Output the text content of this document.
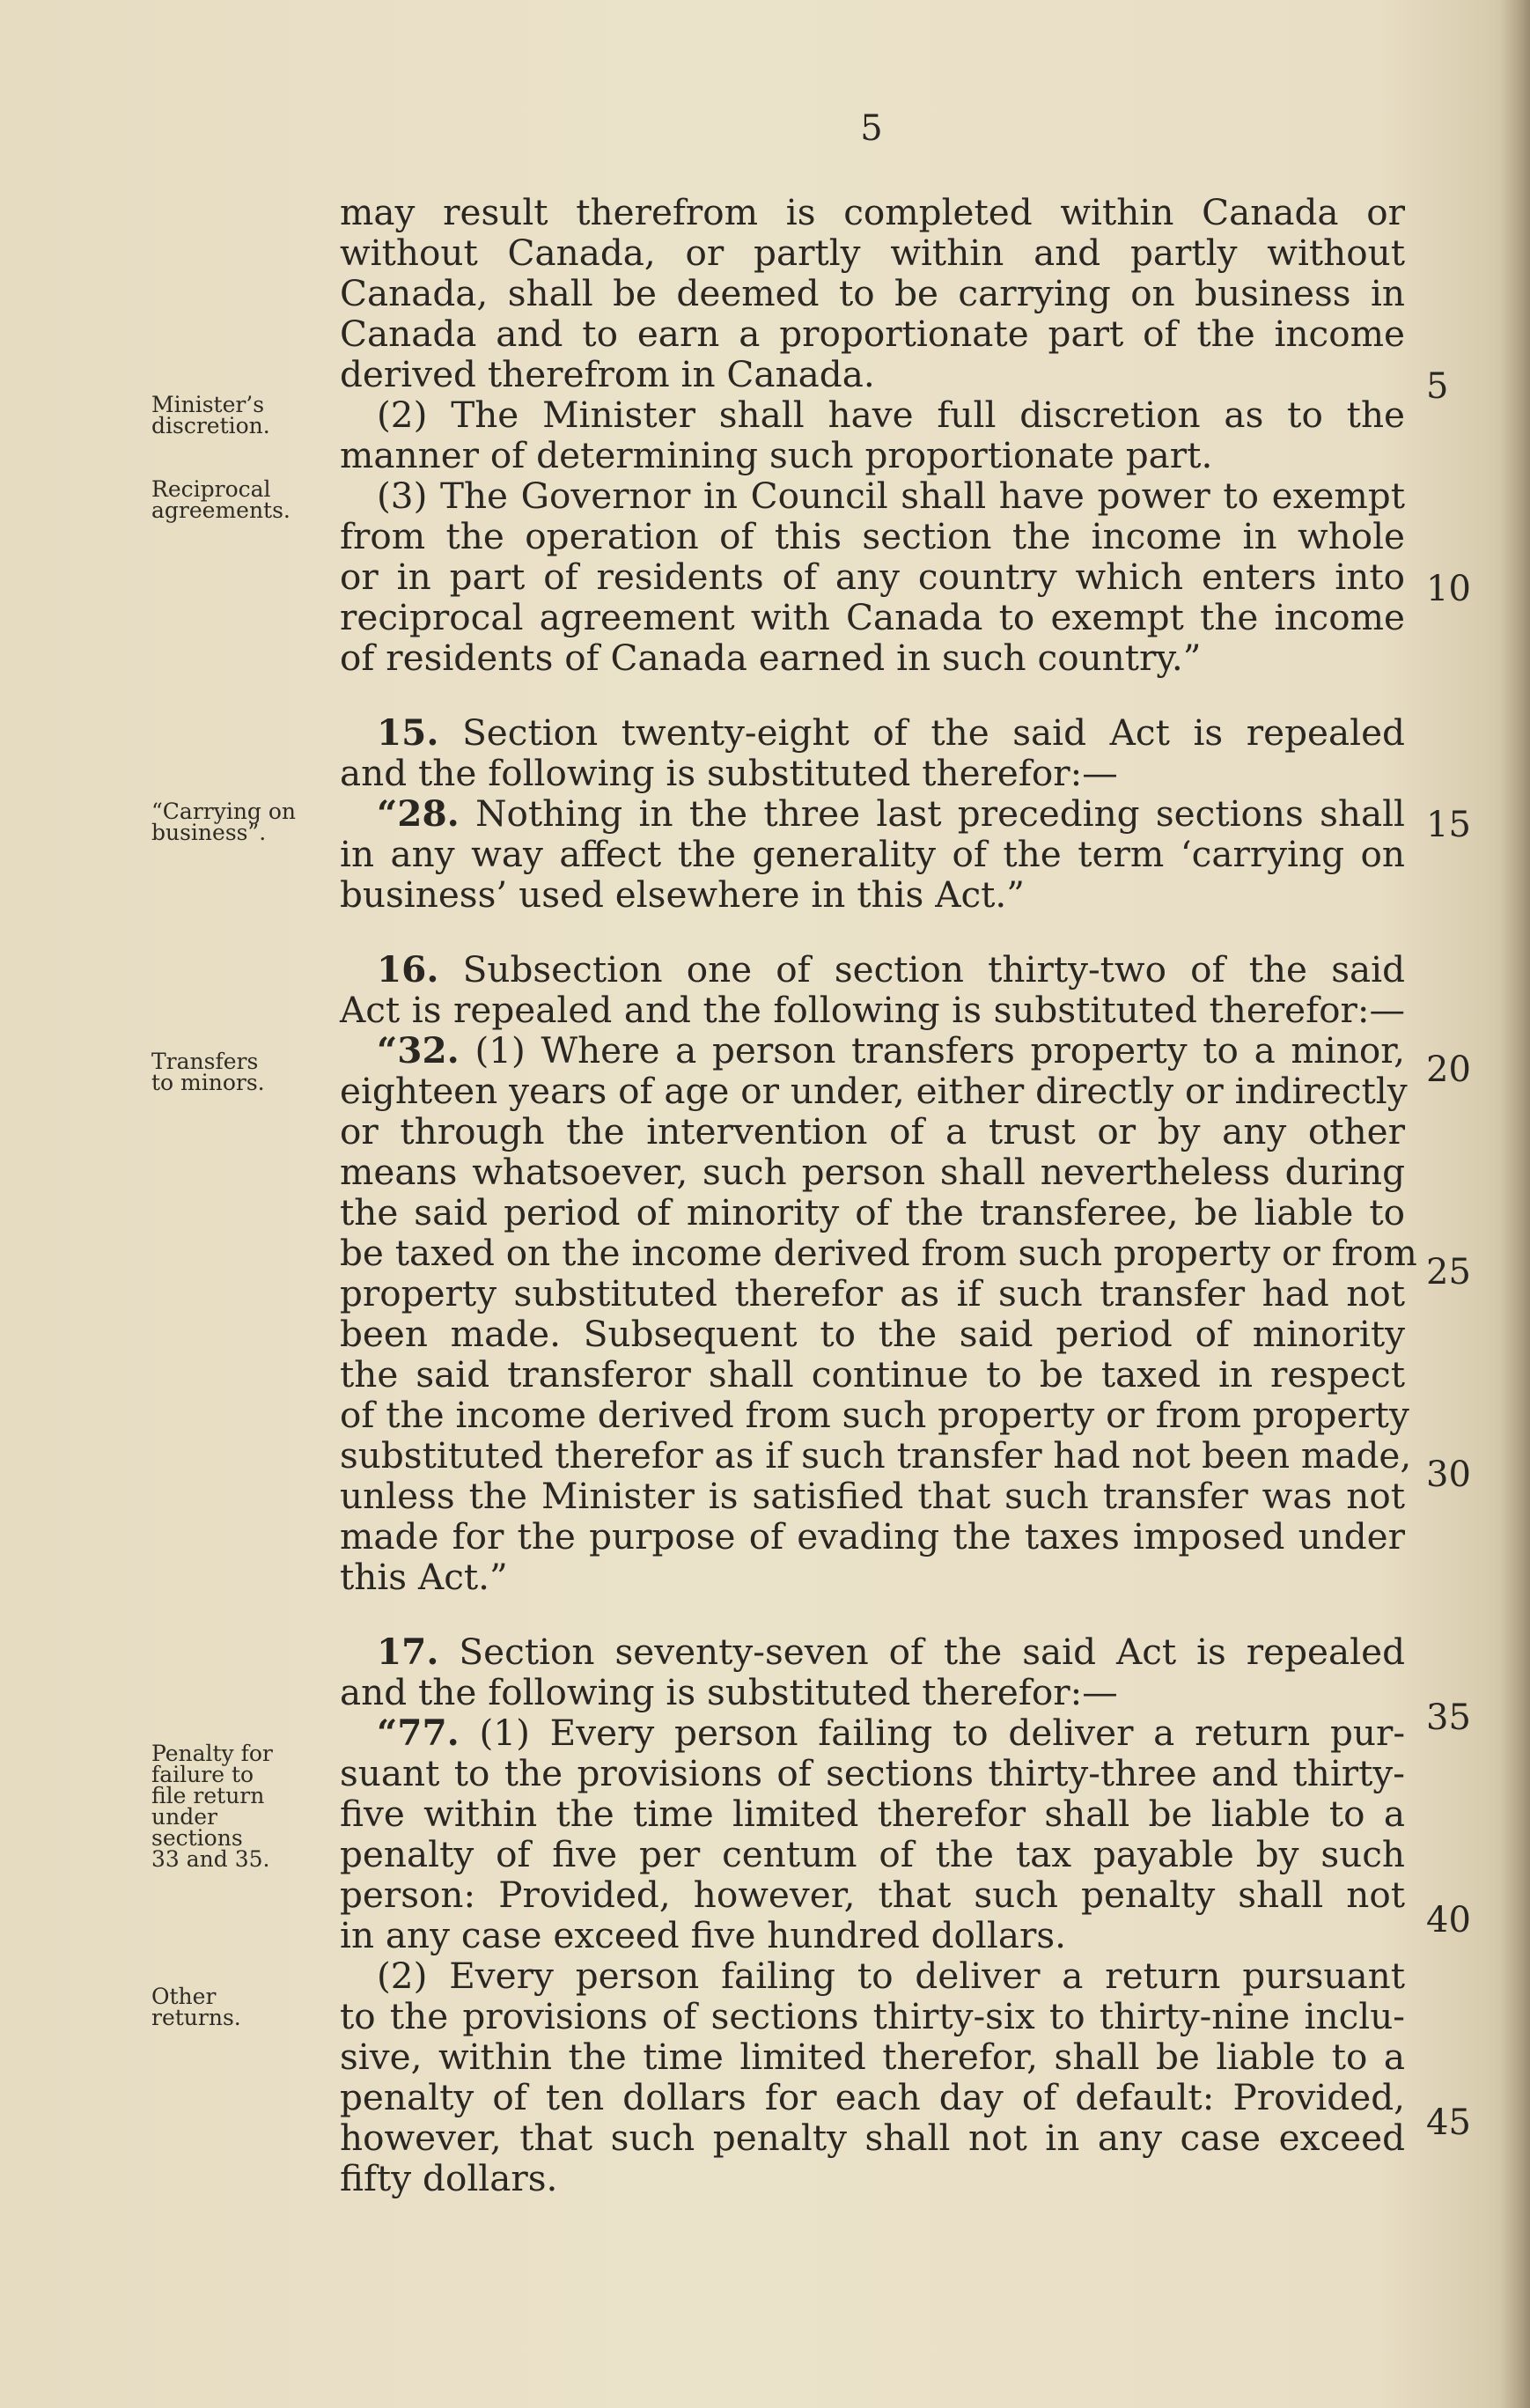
5
Minister’s
discretion.
Reciprocal
agreements.
“Carrying on
business”.
Transfers
to minors.
Penalty for
failure to
file return
under
sections
33 and 35.
Other
returns.
5
10
15
20
25
30
35
40
45
may result therefrom is completed within Canada or
without Canada, or partly within and partly without
Canada, shall be deemed to be carrying on business in
Canada and to earn a proportionate part of the income
derived therefrom in Canada.
(2) The Minister shall have full discretion as to the
manner of determining such proportionate part.
(3) The Governor in Council shall have power to exempt
from the operation of this section the income in whole
or in part of residents of any country which enters into
reciprocal agreement with Canada to exempt the income
of residents of Canada earned in such country.”
15. Section twenty-eight of the said Act is repealed
and the following is substituted therefor:—
“28. Nothing in the three last preceding sections shall
in any way affect the generality of the term ‘carrying on
business’ used elsewhere in this Act.”
16. Subsection one of section thirty-two of the said
Act is repealed and the following is substituted therefor:—
“32. (1) Where a person transfers property to a minor,
eighteen years of age or under, either directly or indirectly
or through the intervention of a trust or by any other
means whatsoever, such person shall nevertheless during
the said period of minority of the transferee, be liable to
be taxed on the income derived from such property or from
property substituted therefor as if such transfer had not
been made. Subsequent to the said period of minority
the said transferor shall continue to be taxed in respect
of the income derived from such property or from property
substituted therefor as if such transfer had not been made,
unless the Minister is satisfied that such transfer was not
made for the purpose of evading the taxes imposed under
this Act.”
17. Section seventy-seven of the said Act is repealed
and the following is substituted therefor:—
“77. (1) Every person failing to deliver a return pur-
suant to the provisions of sections thirty-three and thirty-
five within the time limited therefor shall be liable to a
penalty of five per centum of the tax payable by such
person: Provided, however, that such penalty shall not
in any case exceed five hundred dollars.
(2) Every person failing to deliver a return pursuant
to the provisions of sections thirty-six to thirty-nine inclu-
sive, within the time limited therefor, shall be liable to a
penalty of ten dollars for each day of default: Provided,
however, that such penalty shall not in any case exceed
fifty dollars.
